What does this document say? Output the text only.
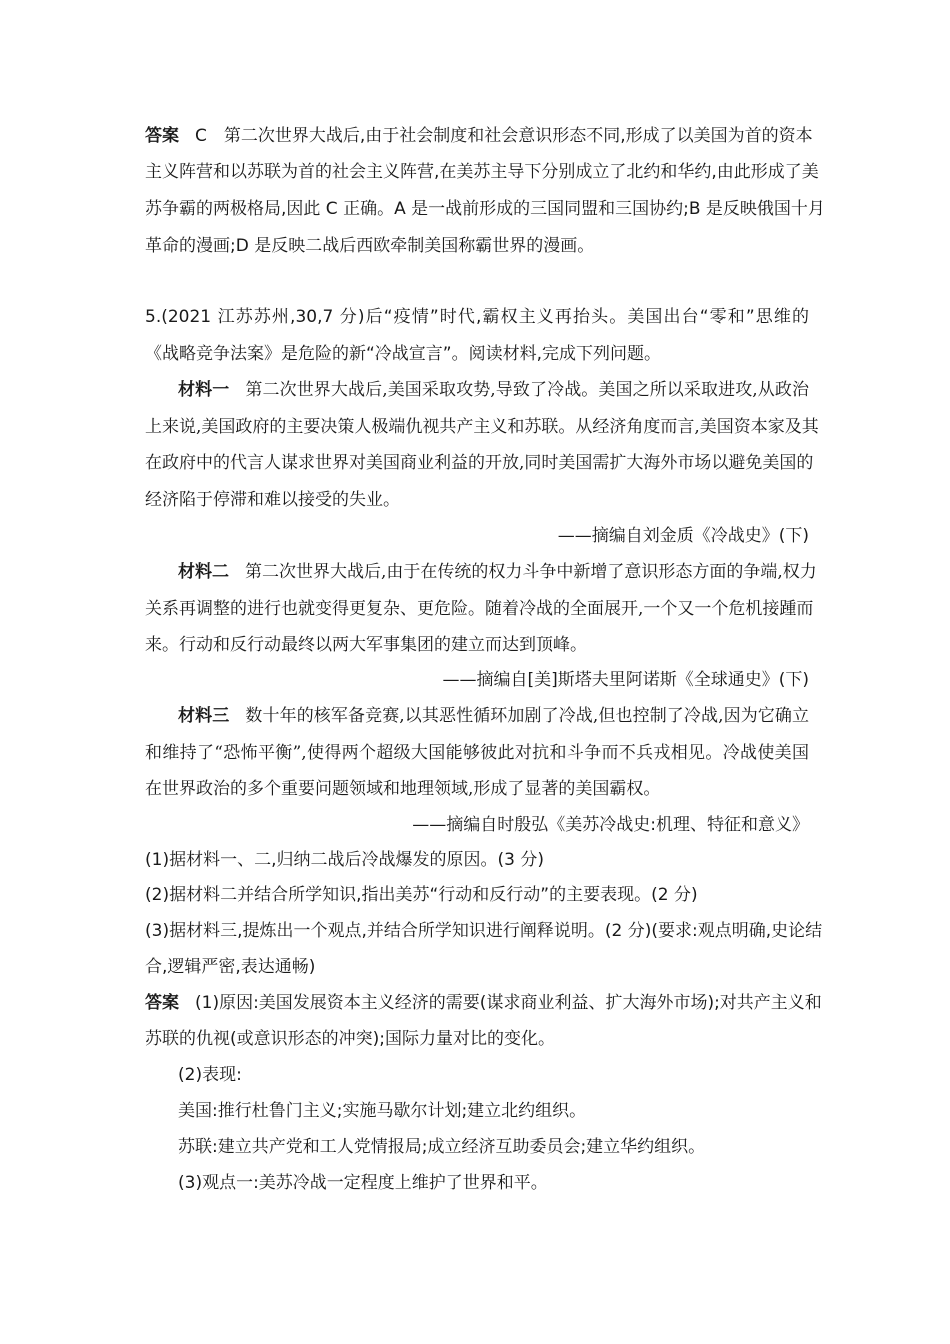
答案 C　第二次世界大战后,由于社会制度和社会意识形态不同,形成了以美国为首的资本
主义阵营和以苏联为首的社会主义阵营,在美苏主导下分别成立了北约和华约,由此形成了美
苏争霸的两极格局,因此 C 正确。A 是一战前形成的三国同盟和三国协约;B 是反映俄国十月
革命的漫画;D 是反映二战后西欧牵制美国称霸世界的漫画。
5.(2021 江苏苏州,30,7 分)后“疫情”时代,霸权主义再抬头。美国出台“零和”思维的
《战略竞争法案》是危险的新“冷战宣言”。阅读材料,完成下列问题。
材料一 第二次世界大战后,美国采取攻势,导致了冷战。美国之所以采取进攻,从政治
上来说,美国政府的主要决策人极端仇视共产主义和苏联。从经济角度而言,美国资本家及其
在政府中的代言人谋求世界对美国商业利益的开放,同时美国需扩大海外市场以避免美国的
经济陷于停滞和难以接受的失业。
——摘编自刘金质《冷战史》(下)
材料二 第二次世界大战后,由于在传统的权力斗争中新增了意识形态方面的争端,权力
关系再调整的进行也就变得更复杂、更危险。随着冷战的全面展开,一个又一个危机接踵而
来。行动和反行动最终以两大军事集团的建立而达到顶峰。
——摘编自[美]斯塔夫里阿诺斯《全球通史》(下)
材料三 数十年的核军备竞赛,以其恶性循环加剧了冷战,但也控制了冷战,因为它确立
和维持了“恐怖平衡”,使得两个超级大国能够彼此对抗和斗争而不兵戎相见。冷战使美国
在世界政治的多个重要问题领域和地理领域,形成了显著的美国霸权。
——摘编自时殷弘《美苏冷战史:机理、特征和意义》
(1)据材料一、二,归纳二战后冷战爆发的原因。(3 分)
(2)据材料二并结合所学知识,指出美苏“行动和反行动”的主要表现。(2 分)
(3)据材料三,提炼出一个观点,并结合所学知识进行阐释说明。(2 分)(要求:观点明确,史论结
合,逻辑严密,表达通畅)
答案 (1)原因:美国发展资本主义经济的需要(谋求商业利益、扩大海外市场);对共产主义和
苏联的仇视(或意识形态的冲突);国际力量对比的变化。
(2)表现:
美国:推行杜鲁门主义;实施马歇尔计划;建立北约组织。
苏联:建立共产党和工人党情报局;成立经济互助委员会;建立华约组织。
(3)观点一:美苏冷战一定程度上维护了世界和平。
